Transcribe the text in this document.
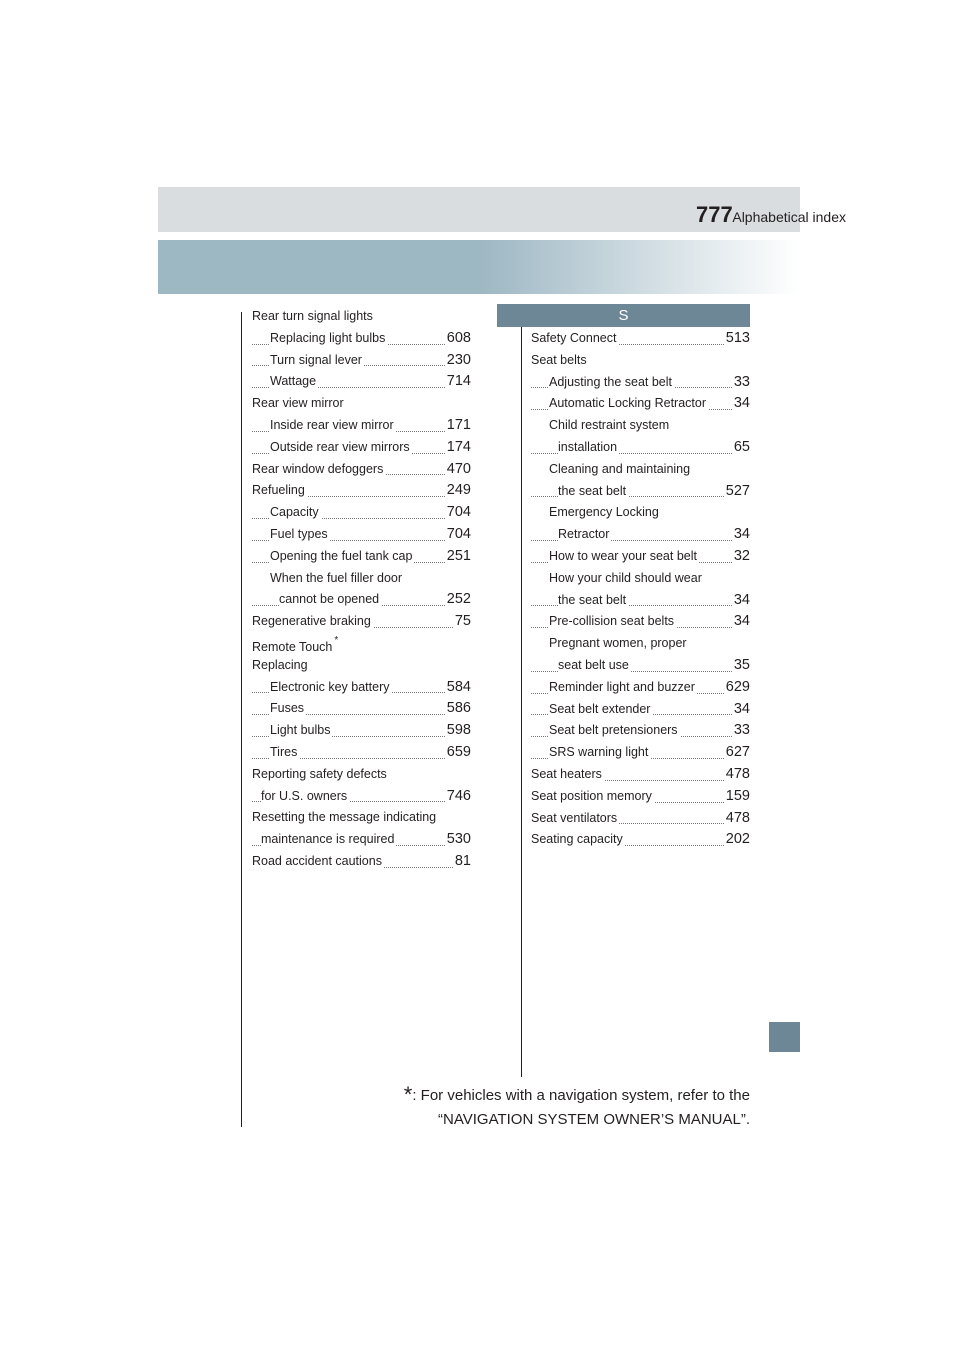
Alphabetical index
777
Rear turn signal lights
Replacing light bulbs	608
Turn signal lever	230
Wattage	714
Rear view mirror
Inside rear view mirror	171
Outside rear view mirrors	174
Rear window defoggers	470
Refueling	249
Capacity	704
Fuel types	704
Opening the fuel tank cap 251
When the fuel filler door
cannot be opened	252
Regenerative braking	75
Remote Touch *
Replacing
Electronic key battery	584
Fuses	586
Light bulbs	598
Tires	659
Reporting safety defects
for U.S. owners	746
Resetting the message indicating
maintenance is required	530
Road accident cautions	81
S
Safety Connect	513
Seat belts
Adjusting the seat belt	33
Automatic Locking Retractor 34
Child restraint system
installation	65
Cleaning and maintaining
the seat belt	527
Emergency Locking
Retractor	34
How to wear your seat belt	32
How your child should wear
the seat belt	34
Pre-collision seat belts	34
Pregnant women, proper
seat belt use	35
Reminder light and buzzer 629
Seat belt extender	34
Seat belt pretensioners	33
SRS warning light	627
Seat heaters	478
Seat position memory	159
Seat ventilators	478
Seating capacity	202
*: For vehicles with a navigation system, refer to the
“NAVIGATION SYSTEM OWNER’S MANUAL”.
